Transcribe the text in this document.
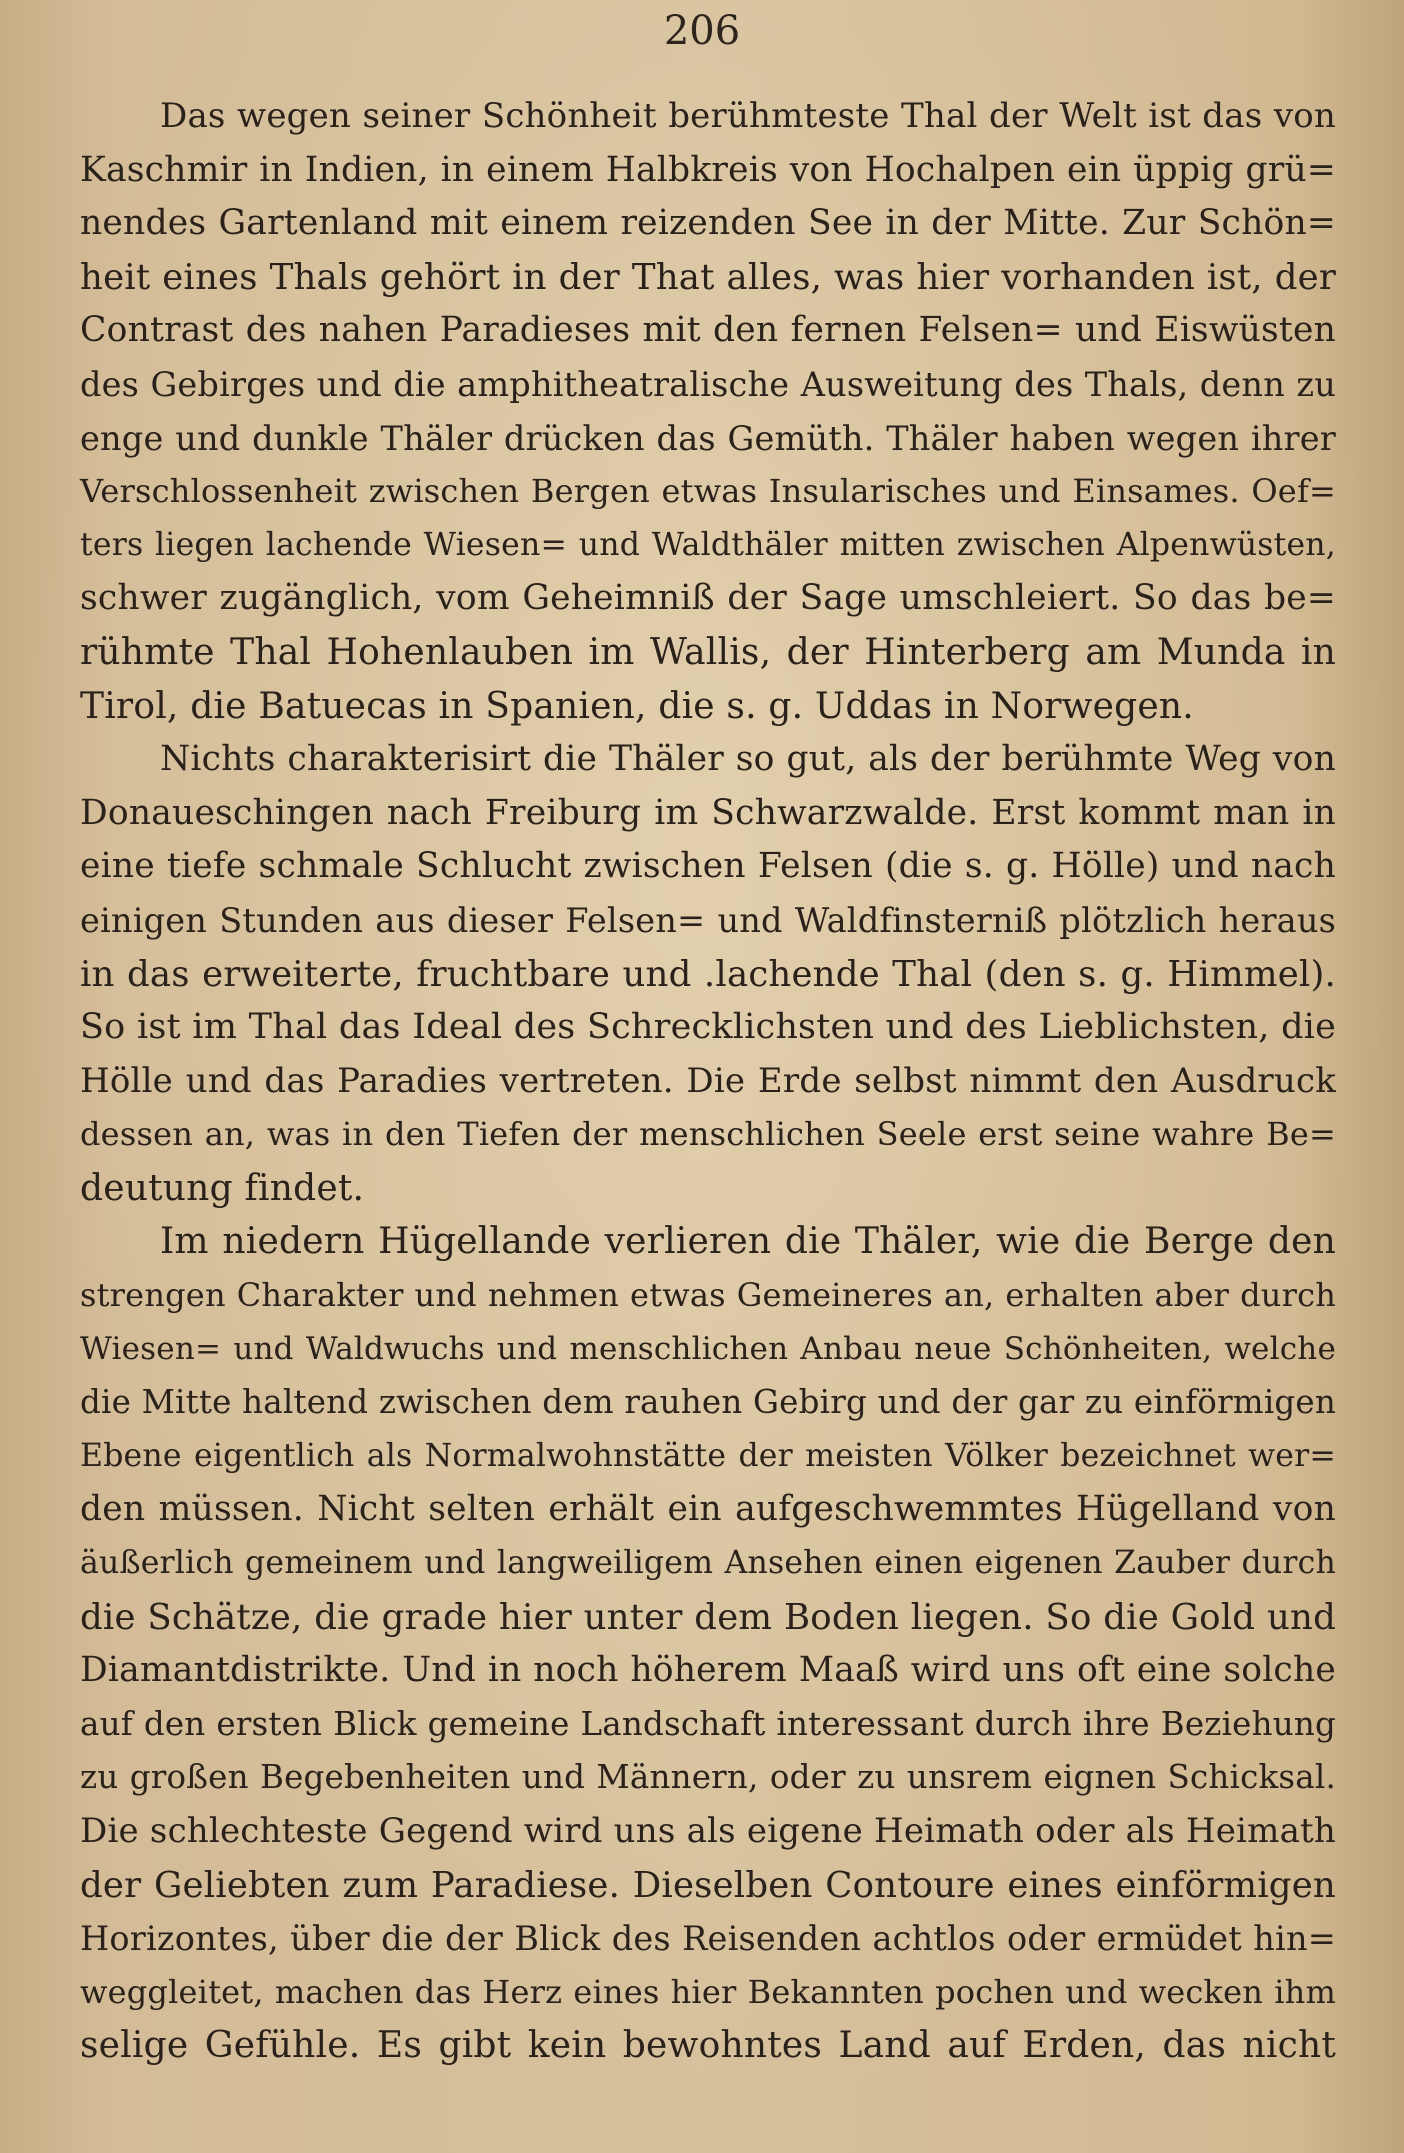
206
Das wegen seiner Schönheit berühmteste Thal der Welt ist das von
Kaschmir in Indien, in einem Halbkreis von Hochalpen ein üppig grü=
nendes Gartenland mit einem reizenden See in der Mitte. Zur Schön=
heit eines Thals gehört in der That alles, was hier vorhanden ist, der
Contrast des nahen Paradieses mit den fernen Felsen= und Eiswüsten
des Gebirges und die amphitheatralische Ausweitung des Thals, denn zu
enge und dunkle Thäler drücken das Gemüth. Thäler haben wegen ihrer
Verschlossenheit zwischen Bergen etwas Insularisches und Einsames. Oef=
ters liegen lachende Wiesen= und Waldthäler mitten zwischen Alpenwüsten,
schwer zugänglich, vom Geheimniß der Sage umschleiert. So das be=
rühmte Thal Hohenlauben im Wallis, der Hinterberg am Munda in
Tirol, die Batuecas in Spanien, die s. g. Uddas in Norwegen.
Nichts charakterisirt die Thäler so gut, als der berühmte Weg von
Donaueschingen nach Freiburg im Schwarzwalde. Erst kommt man in
eine tiefe schmale Schlucht zwischen Felsen (die s. g. Hölle) und nach
einigen Stunden aus dieser Felsen= und Waldfinsterniß plötzlich heraus
in das erweiterte, fruchtbare und .lachende Thal (den s. g. Himmel).
So ist im Thal das Ideal des Schrecklichsten und des Lieblichsten, die
Hölle und das Paradies vertreten. Die Erde selbst nimmt den Ausdruck
dessen an, was in den Tiefen der menschlichen Seele erst seine wahre Be=
deutung findet.
Im niedern Hügellande verlieren die Thäler, wie die Berge den
strengen Charakter und nehmen etwas Gemeineres an, erhalten aber durch
Wiesen= und Waldwuchs und menschlichen Anbau neue Schönheiten, welche
die Mitte haltend zwischen dem rauhen Gebirg und der gar zu einförmigen
Ebene eigentlich als Normalwohnstätte der meisten Völker bezeichnet wer=
den müssen. Nicht selten erhält ein aufgeschwemmtes Hügelland von
äußerlich gemeinem und langweiligem Ansehen einen eigenen Zauber durch
die Schätze, die grade hier unter dem Boden liegen. So die Gold und
Diamantdistrikte. Und in noch höherem Maaß wird uns oft eine solche
auf den ersten Blick gemeine Landschaft interessant durch ihre Beziehung
zu großen Begebenheiten und Männern, oder zu unsrem eignen Schicksal.
Die schlechteste Gegend wird uns als eigene Heimath oder als Heimath
der Geliebten zum Paradiese. Dieselben Contoure eines einförmigen
Horizontes, über die der Blick des Reisenden achtlos oder ermüdet hin=
weggleitet, machen das Herz eines hier Bekannten pochen und wecken ihm
selige Gefühle. Es gibt kein bewohntes Land auf Erden, das nicht
